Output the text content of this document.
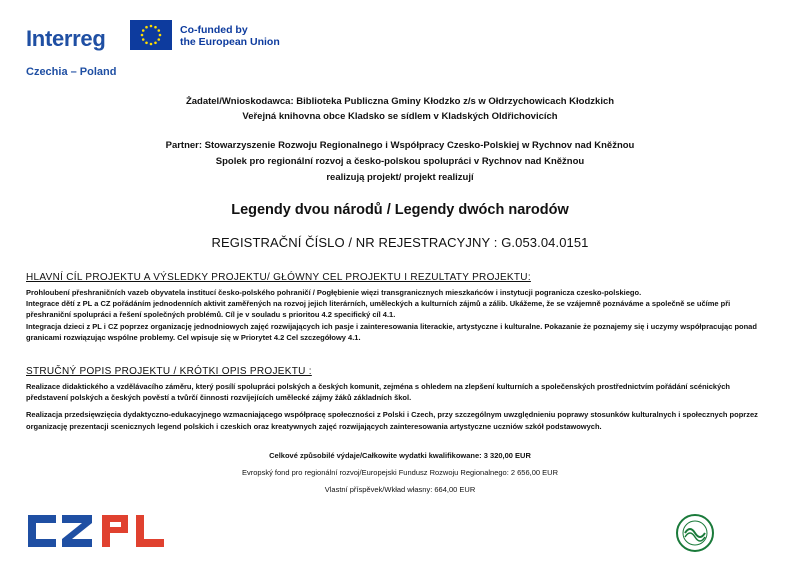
Interreg	Co-funded by
the European Union
Czechia – Poland
Żadatel/Wnioskodawca: Biblioteka Publiczna Gminy Kłodzko z/s w Ołdrzychowicach Kłodzkich
Veřejná knihovna obce Kladsko se sídlem v Kladských Oldřichovicích
Partner: Stowarzyszenie Rozwoju Regionalnego i Współpracy Czesko-Polskiej w Rychnov nad Kněžnou
Spolek pro regionální rozvoj a česko-polskou spolupráci v Rychnov nad Kněžnou
realizują projekt/ projekt realizují
Legendy dvou národů / Legendy dwóch narodów
REGISTRAČNÍ ČÍSLO / NR REJESTRACYJNY : G.053.04.0151
HLAVNÍ CÍL PROJEKTU A VÝSLEDKY PROJEKTU/ GŁÓWNY CEL PROJEKTU I REZULTATY PROJEKTU:

Prohloubení přeshraničních vazeb obyvatela institucí česko-polského pohraničí / Pogłębienie więzi transgranicznych mieszkańców i instytucji pogranicza czesko-polskiego.

Integrace dětí z PL a CZ pořádáním jednodenních aktivit zaměřených na rozvoj jejich literárních, uměleckých a kulturních zájmů a zálib. Ukážeme, že se vzájemně poznáváme a společně se učíme při přeshraniční spolupráci a řešení společných problémů. Cíl je v souladu s prioritou 4.2 specifický cíl 4.1.

Integracja dzieci z PL i CZ poprzez organizację jednodniowych zajęć rozwijających ich pasje i zainteresowania literackie, artystyczne i kulturalne. Pokazanie że poznajemy się i uczymy współpracując ponad granicami rozwiązując wspólne problemy. Cel wpisuje się w Priorytet 4.2 Cel szczegółowy 4.1.

STRUČNÝ POPIS PROJEKTU / KRÓTKI OPIS PROJEKTU :

Realizace didaktického a vzdělávacího záměru, který posílí spolupráci polských a českých komunit, zejména s ohledem na zlepšení kulturních a společenských prostřednictvím pořádání scénických představení polských a českých pověstí a tvůrčí činnosti rozvíjejících umělecké zájmy žáků základních škol.

Realizacja przedsięwzięcia dydaktyczno-edukacyjnego wzmacniającego współpracę społeczności z Polski i Czech, przy szczególnym uwzględnieniu poprawy stosunków kulturalnych i społecznych poprzez organizację prezentacji scenicznych legend polskich i czeskich oraz kreatywnych zajęć rozwijających zainteresowania artystyczne uczniów szkół podstawowych.

Celkové způsobilé výdaje/Całkowite wydatki kwalifikowane: 3 320,00 EUR
Evropský fond pro regionální rozvoj/Europejski Fundusz Rozwoju Regionalnego: 2 656,00 EUR
Vlastní příspěvek/Wkład własny: 664,00 EUR
